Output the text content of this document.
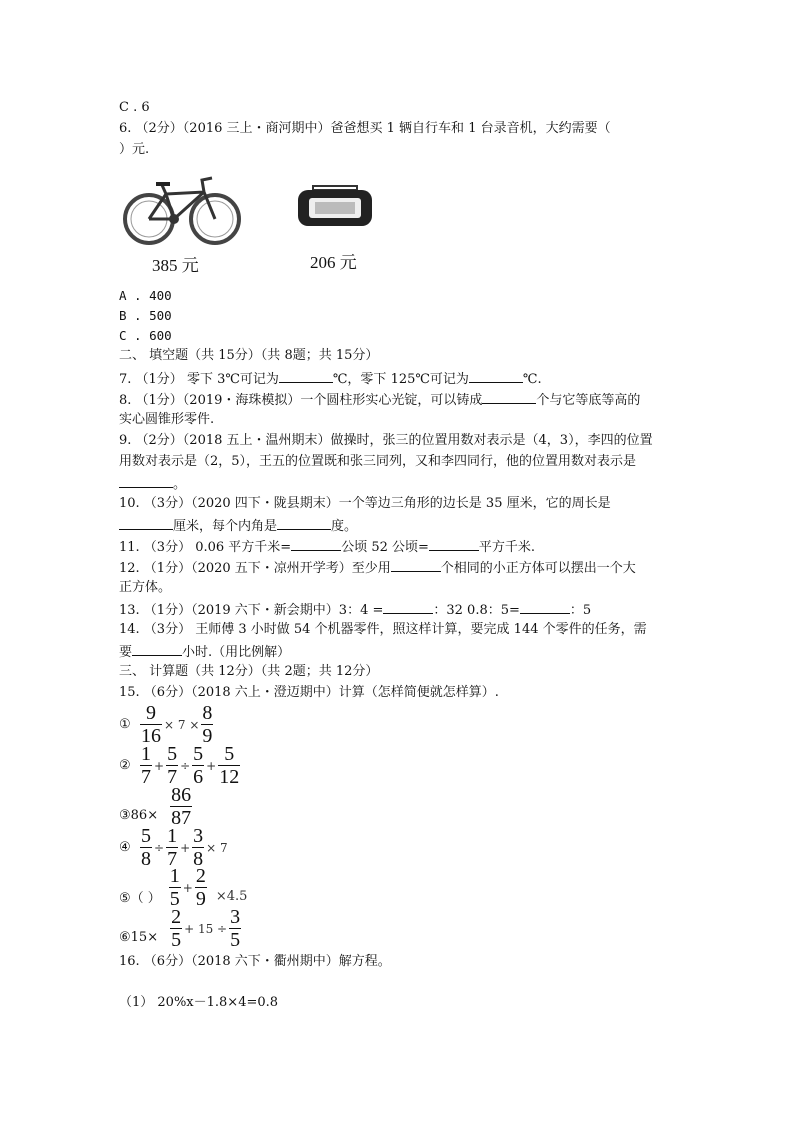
C . 6
6. （2分）（2016 三上・商河期中）爸爸想买 1 辆自行车和 1 台录音机，大约需要（
）元.
385 元	206 元
A . 400
B . 500
C . 600
二、 填空题（共 15分）（共 8题；共 15分）
7. （1分） 零下 3℃可记为	℃，零下 125℃可记为	℃.
8. （1分）（2019・海珠模拟）一个圆柱形实心光锭，可以铸成	个与它等底等高的
实心圆锥形零件.
9. （2分）（2018 五上・温州期末）做操时，张三的位置用数对表示是（4，3），李四的位置
用数对表示是（2，5），王五的位置既和张三同列，又和李四同行，他的位置用数对表示是
。
10. （3分）（2020 四下・陇县期末）一个等边三角形的边长是 35 厘米，它的周长是
厘米，每个内角是	度。
11. （3分） 0.06 平方千米=	公顷 52 公顷=	平方千米.
12. （1分）（2020 五下・凉州开学考）至少用	个相同的小正方体可以摆出一个大
正方体。
13. （1分）（2019 六下・新会期中）3：4 =	：32 0.8：5=	：5
14. （3分） 王师傅 3 小时做 54 个机器零件，照这样计算，要完成 144 个零件的任务，需
要	小时.（用比例解）
三、 计算题（共 12分）（共 2题；共 12分）
15. （6分）（2018 六上・澄迈期中）计算（怎样简便就怎样算）.
① $\frac{9}{16} \times 7 \times \frac{8}{9}$
② $\frac{1}{7} + \frac{5}{7} \div \frac{5}{6} + \frac{5}{12}$
③86× $\frac{86}{87}$
④ $\frac{5}{8} \div \frac{1}{7} + \frac{3}{8} \times 7$
⑤（ ） $\frac{1}{5} + \frac{2}{9} \times 4.5$
⑥15× $\frac{2}{5} + 15 \div \frac{3}{5}$
16. （6分）（2018 六下・衢州期中）解方程。
（1） 20%x－1.8×4=0.8
